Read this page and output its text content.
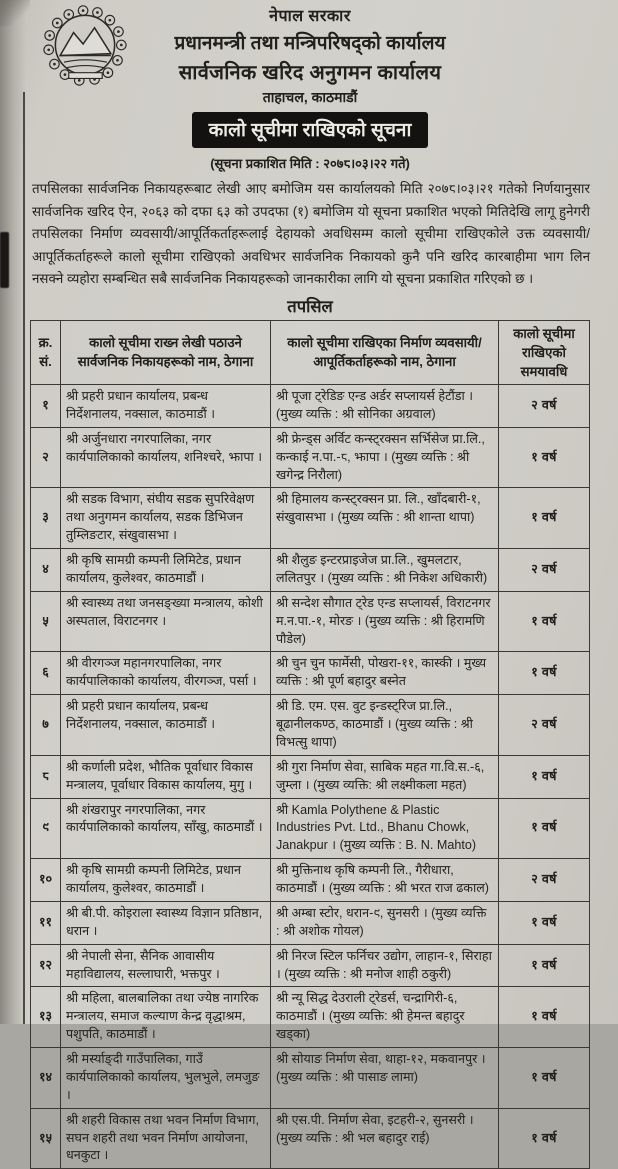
नेपाल सरकार
प्रधानमन्त्री तथा मन्त्रिपरिषद्को कार्यालय
सार्वजनिक खरिद अनुगमन कार्यालय
ताहाचल, काठमाडौं
कालो सूचीमा राखिएको सूचना
(सूचना प्रकाशित मिति : २०७८।०३।२२ गते)
तपसिलका सार्वजनिक निकायहरूबाट लेखी आए बमोजिम यस कार्यालयको मिति २०७८।०३।२१ गतेको निर्णयानुसार सार्वजनिक खरिद ऐन, २०६३ को दफा ६३ को उपदफा (१) बमोजिम यो सूचना प्रकाशित भएको मितिदेखि लागू हुनेगरी तपसिलका निर्माण व्यवसायी/आपूर्तिकर्ताहरूलाई देहायको अवधिसम्म कालो सूचीमा राखिएकोले उक्त व्यवसायी/आपूर्तिकर्ताहरूले कालो सूचीमा राखिएको अवधिभर सार्वजनिक निकायको कुनै पनि खरिद कारबाहीमा भाग लिन नसक्ने व्यहोरा सम्बन्धित सबै सार्वजनिक निकायहरूको जानकारीका लागि यो सूचना प्रकाशित गरिएको छ ।
तपसिल
क्र. सं.
कालो सूचीमा राख्न लेखी पठाउने सार्वजनिक निकायहरूको नाम, ठेगाना
कालो सूचीमा राखिएका निर्माण व्यवसायी/आपूर्तिकर्ताहरूको नाम, ठेगाना
कालो सूचीमा राखिएको समयावधि
१
श्री प्रहरी प्रधान कार्यालय, प्रबन्ध निर्देशनालय, नक्साल, काठमाडौं ।
श्री पूजा ट्रेडिङ एन्ड अर्डर सप्लायर्स हेटौंडा । (मुख्य व्यक्ति : श्री सोनिका अग्रवाल)
२ वर्ष
२
श्री अर्जुनधारा नगरपालिका, नगर कार्यपालिकाको कार्यालय, शनिश्चरे, झापा ।
श्री फ्रेन्ड्स अर्विट कन्स्ट्रक्सन सर्भिसेज प्रा.लि., कन्काई न.पा.-८, झापा । (मुख्य व्यक्ति : श्री खगेन्द्र निरौला)
१ वर्ष
३
श्री सडक विभाग, संघीय सडक सुपरिवेक्षण तथा अनुगमन कार्यालय, सडक डिभिजन तुम्लिङटार, संखुवासभा ।
श्री हिमालय कन्स्ट्रक्सन प्रा. लि., खाँदबारी-१, संखुवासभा । (मुख्य व्यक्ति : श्री शान्ता थापा)	१ वर्ष
४
श्री कृषि सामग्री कम्पनी लिमिटेड, प्रधान कार्यालय, कुलेश्वर, काठमाडौं ।
श्री शैलुङ इन्टरप्राइजेज प्रा.लि., खुमलटार, ललितपुर । (मुख्य व्यक्ति : श्री निकेश अधिकारी)
२ वर्ष
५
श्री स्वास्थ्य तथा जनसङ्ख्या मन्त्रालय, कोशी अस्पताल, विराटनगर ।
श्री सन्देश सौगात ट्रेड एन्ड सप्लायर्स, विराटनगर म.न.पा.-१, मोरङ । (मुख्य व्यक्ति : श्री हिरामणि पौडेल)
१ वर्ष
६
श्री वीरगञ्ज महानगरपालिका, नगर कार्यपालिकाको कार्यालय, वीरगञ्ज, पर्सा ।
श्री चुन चुन फार्मेसी, पोखरा-११, कास्की । मुख्य व्यक्ति : श्री पूर्ण बहादुर बस्नेत
१ वर्ष
७
श्री प्रहरी प्रधान कार्यालय, प्रबन्ध निर्देशनालय, नक्साल, काठमाडौं ।
श्री डि. एम. एस. वुट इन्डस्ट्रिज प्रा.लि., बूढानीलकण्ठ, काठमाडौं । (मुख्य व्यक्ति : श्री विभत्सु थापा)
२ वर्ष
८
श्री कर्णाली प्रदेश, भौतिक पूर्वाधार विकास मन्त्रालय, पूर्वाधार विकास कार्यालय, मुगु ।
श्री गुरा निर्माण सेवा, साबिक महत गा.वि.स.-६, जुम्ला । (मुख्य व्यक्ति: श्री लक्ष्मीकला महत)
१ वर्ष
९
श्री शंखरापुर नगरपालिका, नगर कार्यपालिकाको कार्यालय, साँखु, काठमाडौं ।
श्री Kamla Polythene & Plastic Industries Pvt. Ltd., Bhanu Chowk, Janakpur । (मुख्य व्यक्ति : B. N. Mahto)
१ वर्ष
१०
श्री कृषि सामग्री कम्पनी लिमिटेड, प्रधान कार्यालय, कुलेश्वर, काठमाडौं ।
श्री मुक्तिनाथ कृषि कम्पनी लि., गैरीधारा, काठमाडौं । (मुख्य व्यक्ति : श्री भरत राज ढकाल)
२ वर्ष
११
श्री बी.पी. कोइराला स्वास्थ्य विज्ञान प्रतिष्ठान, धरान ।
श्री अम्बा स्टोर, धरान-९, सुनसरी । (मुख्य व्यक्ति : श्री अशोक गोयल)
१ वर्ष
१२
श्री नेपाली सेना, सैनिक आवासीय महाविद्यालय, सल्लाघारी, भक्तपुर ।
श्री निरज स्टिल फर्निचर उद्योग, लाहान-१, सिराहा । (मुख्य व्यक्ति : श्री मनोज शाही ठकुरी)
१ वर्ष
१३
श्री महिला, बालबालिका तथा ज्येष्ठ नागरिक मन्त्रालय, समाज कल्याण केन्द्र वृद्धाश्रम, पशुपति, काठमाडौं ।
श्री न्यू सिद्ध देउराली ट्रेडर्स, चन्द्रागिरी-६, काठमाडौं । (मुख्य व्यक्ति: श्री हेमन्त बहादुर खड्का)
१ वर्ष
१४
श्री मर्स्याङ्दी गाउँपालिका, गाउँ कार्यपालिकाको कार्यालय, भुलभुले, लमजुङ ।
श्री सोयाङ निर्माण सेवा, थाहा-१२, मकवानपुर । (मुख्य व्यक्ति : श्री पासाङ लामा)	१ वर्ष
१५
श्री शहरी विकास तथा भवन निर्माण विभाग, सघन शहरी तथा भवन निर्माण आयोजना, धनकुटा ।
श्री एस.पी. निर्माण सेवा, इटहरी-२, सुनसरी । (मुख्य व्यक्ति : श्री भल बहादुर राई)	१ वर्ष
